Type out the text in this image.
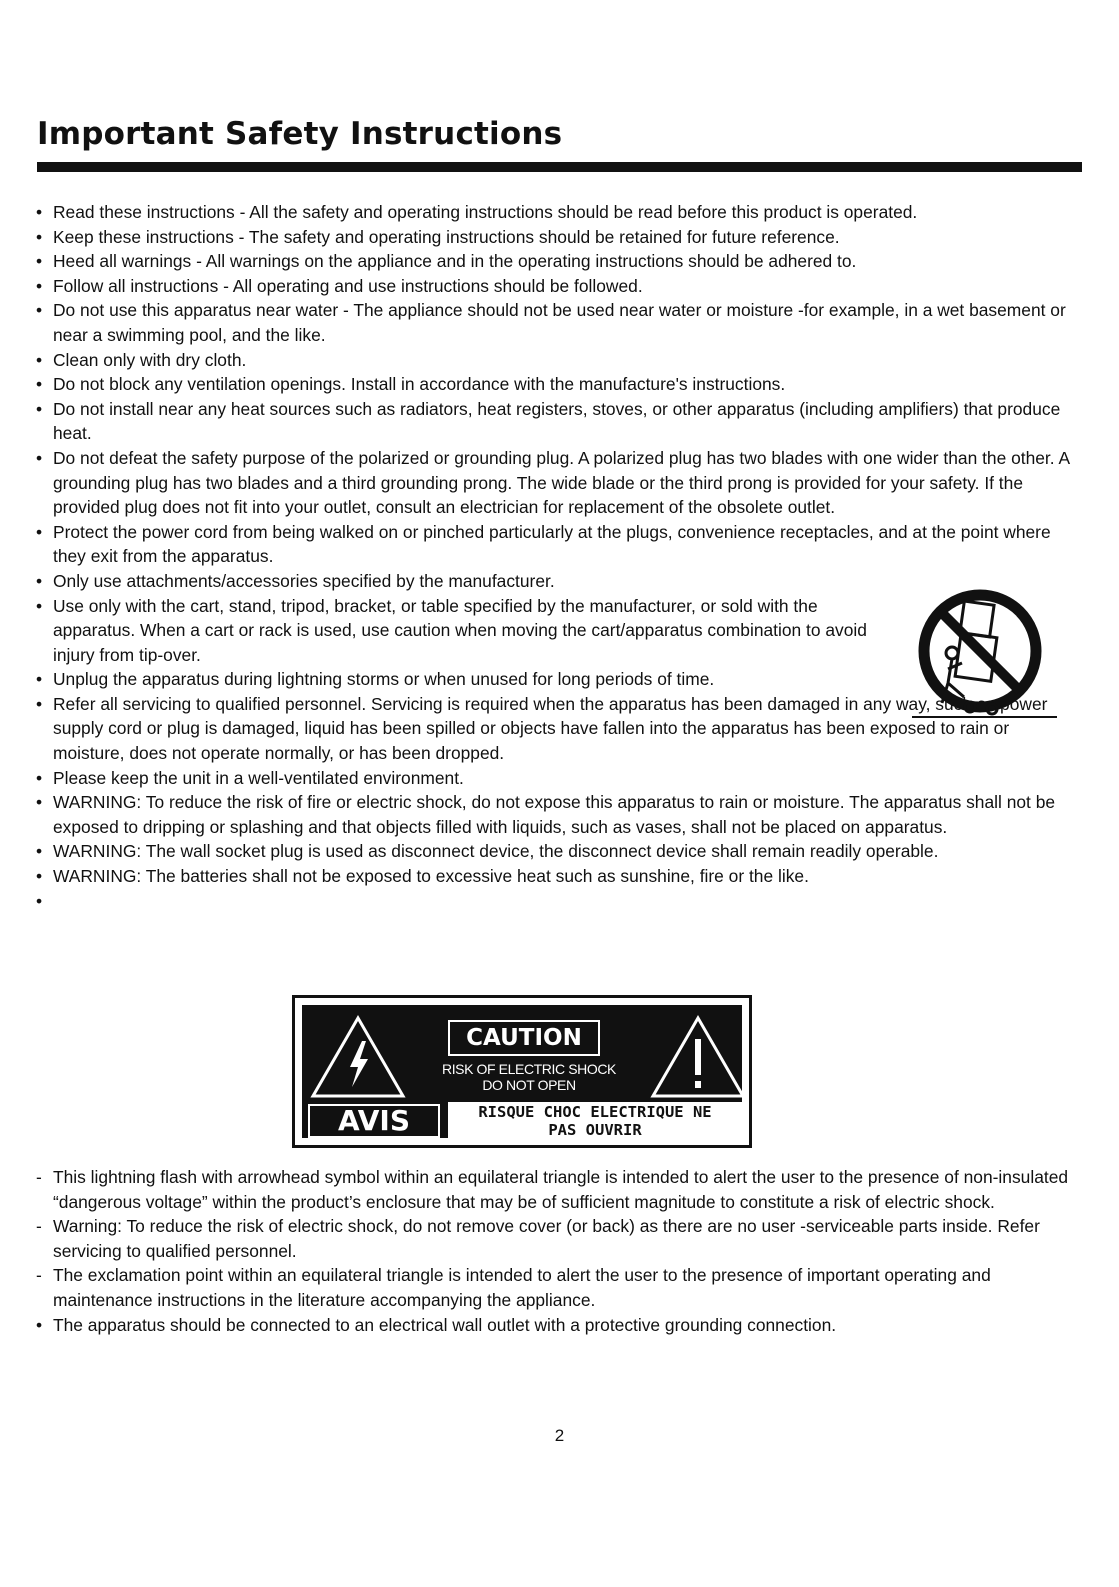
Important Safety Instructions
• Read these instructions - All the safety and operating instructions should be read before this product is operated.
• Keep these instructions - The safety and operating instructions should be retained for future reference.
• Heed all warnings - All warnings on the appliance and in the operating instructions should be adhered to.
• Follow all instructions - All operating and use instructions should be followed.
• Do not use this apparatus near water - The appliance should not be used near water or moisture -for example, in a wet basement or near a swimming pool, and the like.
• Clean only with dry cloth.
• Do not block any ventilation openings. Install in accordance with the manufacture's instructions.
• Do not install near any heat sources such as radiators, heat registers, stoves, or other apparatus (including amplifiers) that produce heat.
• Do not defeat the safety purpose of the polarized or grounding plug. A polarized plug has two blades with one wider than the other. A grounding plug has two blades and a third grounding prong. The wide blade or the third prong is provided for your safety. If the provided plug does not fit into your outlet, consult an electrician for replacement of the obsolete outlet.
• Protect the power cord from being walked on or pinched particularly at the plugs, convenience receptacles, and at the point where they exit from the apparatus.
• Only use attachments/accessories specified by the manufacturer.
• Use only with the cart, stand, tripod, bracket, or table specified by the manufacturer, or sold with the apparatus. When a cart or rack is used, use caution when moving the cart/apparatus combination to avoid injury from tip-over.
• Unplug the apparatus during lightning storms or when unused for long periods of time.
• Refer all servicing to qualified personnel. Servicing is required when the apparatus has been damaged in any way, such as power supply cord or plug is damaged, liquid has been spilled or objects have fallen into the apparatus has been exposed to rain or moisture, does not operate normally, or has been dropped.
• Please keep the unit in a well-ventilated environment.
• WARNING: To reduce the risk of fire or electric shock, do not expose this apparatus to rain or moisture. The apparatus shall not be exposed to dripping or splashing and that objects filled with liquids, such as vases, shall not be placed on apparatus.
• WARNING: The wall socket plug is used as disconnect device, the disconnect device shall remain readily operable.
• WARNING: The batteries shall not be exposed to excessive heat such as sunshine, fire or the like.
•
CAUTION
RISK OF ELECTRIC SHOCK
DO NOT OPEN
AVIS	RISQUE CHOC ELECTRIQUE NE
PAS OUVRIR
- This lightning flash with arrowhead symbol within an equilateral triangle is intended to alert the user to the presence of non-insulated “dangerous voltage” within the product’s enclosure that may be of sufficient magnitude to constitute a risk of electric shock.
- Warning: To reduce the risk of electric shock, do not remove cover (or back) as there are no user -serviceable parts inside. Refer servicing to qualified personnel.
- The exclamation point within an equilateral triangle is intended to alert the user to the presence of important operating and maintenance instructions in the literature accompanying the appliance.
• The apparatus should be connected to an electrical wall outlet with a protective grounding connection.
2
